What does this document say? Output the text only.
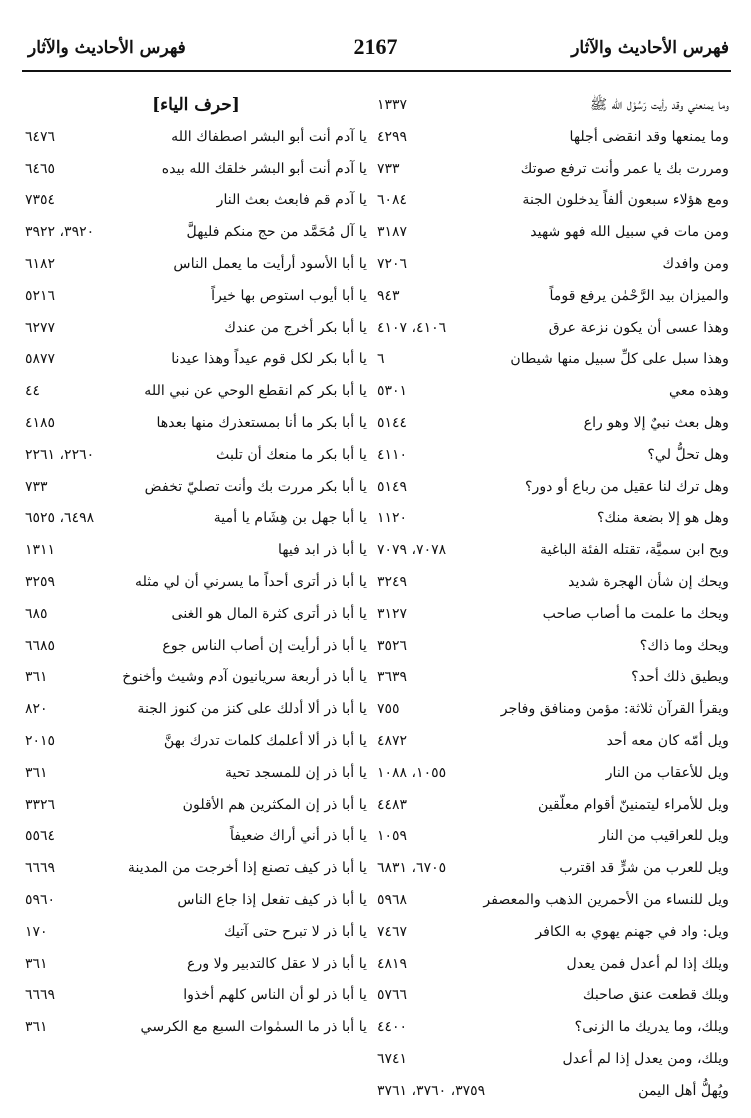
فهرس الأحاديث والآثار	2167	فهرس الأحاديث والآثار
وما يمنعني وقد رأيت رَسُوْل الله ﷺ
١٣٣٧
وما يمنعها وقد انقضى أجلها
٤٢٩٩
ومررت بك يا عمر وأنت ترفع صوتك
٧٣٣
ومع هؤلاء سبعون ألفاً يدخلون الجنة
٦٠٨٤
ومن مات في سبيل الله فهو شهيد
٣١٨٧
ومن وافدك
٧٢٠٦
والميزان بيد الرَّحْمٰن يرفع قوماً
٩٤٣
وهذا عسى أن يكون نزعة عرق
٤١٠٦، ٤١٠٧
وهذا سبل على كلِّ سبيل منها شيطان
٦
وهذه معي
٥٣٠١
وهل بعث نبيٌ إلا وهو راع
٥١٤٤
وهل تحلُّ لي؟
٤١١٠
وهل ترك لنا عقيل من رباع أو دور؟
٥١٤٩
وهل هو إلا بضعة منك؟
١١٢٠
ويح ابن سميَّة، تقتله الفئة الباغية
٧٠٧٨، ٧٠٧٩
ويحك إن شأن الهجرة شديد
٣٢٤٩
ويحك ما علمت ما أصاب صاحب
٣١٢٧
ويحك وما ذاك؟
٣٥٢٦
ويطيق ذلك أحد؟
٣٦٣٩
ويقرأ القرآن ثلاثة: مؤمن ومنافق وفاجر
٧٥٥
ويل أمّه كان معه أحد
٤٨٧٢
ويل للأعقاب من النار
١٠٥٥، ١٠٨٨
ويل للأمراء ليتمنينّ أقوام معلّقين
٤٤٨٣
ويل للعراقيب من النار
١٠٥٩
ويل للعرب من شرٍّ قد اقترب
٦٧٠٥، ٦٨٣١
ويل للنساء من الأحمرين الذهب والمعصفر
٥٩٦٨
ويل: واد في جهنم يهوي به الكافر
٧٤٦٧
ويلك إذا لم أعدل فمن يعدل
٤٨١٩
ويلك قطعت عنق صاحبك
٥٧٦٦
ويلك، وما يدريك ما الزنى؟
٤٤٠٠
ويلك، ومن يعدل إذا لم أعدل
٦٧٤١
ويُهلُّ أهل اليمن
٣٧٥٩، ٣٧٦٠، ٣٧٦١
[حرف الياء]
يا آدم أنت أبو البشر اصطفاك الله
٦٤٧٦
يا آدم أنت أبو البشر خلقك الله بيده
٦٤٦٥
يا آدم قم فابعث بعث النار
٧٣٥٤
يا آل مُحَمَّد من حج منكم فليهلَّ
٣٩٢٠، ٣٩٢٢
يا أبا الأسود أرأيت ما يعمل الناس
٦١٨٢
يا أبا أيوب استوص بها خيراً
٥٢١٦
يا أبا بكر أخرج من عندك
٦٢٧٧
يا أبا بكر لكل قوم عيداً وهذا عيدنا
٥٨٧٧
يا أبا بكر كم انقطع الوحي عن نبي الله
٤٤
يا أبا بكر ما أنا بمستعذرك منها بعدها
٤١٨٥
يا أبا بكر ما منعك أن تلبث
٢٢٦٠، ٢٢٦١
يا أبا بكر مررت بك وأنت تصليّ تخفض
٧٣٣
يا أبا جهل بن هِشَام يا أمية
٦٤٩٨، ٦٥٢٥
يا أبا ذر ابد فيها
١٣١١
يا أبا ذر أترى أحداً ما يسرني أن لي مثله
٣٢٥٩
يا أبا ذر أترى كثرة المال هو الغنى
٦٨٥
يا أبا ذر أرأيت إن أصاب الناس جوع
٦٦٨٥
يا أبا ذر أربعة سريانيون آدم وشيث وأخنوخ
٣٦١
يا أبا ذر ألا أدلك على كنز من كنوز الجنة
٨٢٠
يا أبا ذر ألا أعلمك كلمات تدرك بهنَّ
٢٠١٥
يا أبا ذر إن للمسجد تحية
٣٦١
يا أبا ذر إن المكثرين هم الأقلون
٣٣٢٦
يا أبا ذر أني أراك ضعيفاً
٥٥٦٤
يا أبا ذر كيف تصنع إذا أخرجت من المدينة
٦٦٦٩
يا أبا ذر كيف تفعل إذا جاع الناس
٥٩٦٠
يا أبا ذر لا تبرح حتى آتيك
١٧٠
يا أبا ذر لا عقل كالتدبير ولا ورع
٣٦١
يا أبا ذر لو أن الناس كلهم أخذوا
٦٦٦٩
يا أبا ذر ما السمٰوات السبع مع الكرسي
٣٦١
